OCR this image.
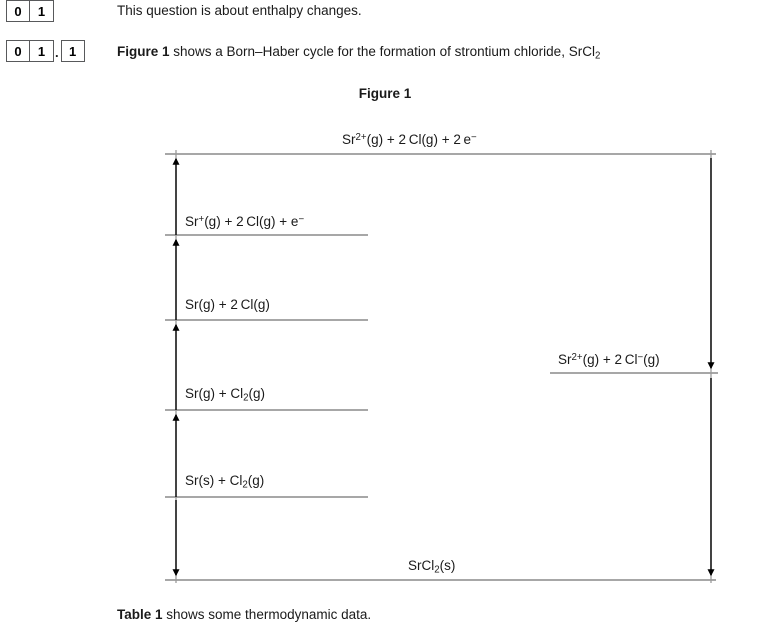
0	1	This question is about enthalpy changes.
0	1 . 1	Figure 1 shows a Born–Haber cycle for the formation of strontium chloride, SrCl$_2$
Figure 1
$Sr^{2+}(g) + 2$ Cl(g) + 2 e−
Sr+(g) + 2 Cl(g) + e−
Sr(g) + 2 Cl(g)
$Sr(g) + Cl_2(g)$
$Sr(s) + Cl_2(g)$
$Sr^{2+}(g) + 2$ Cl−(g)
SrCl$_2$(s)
Table 1 shows some thermodynamic data.
